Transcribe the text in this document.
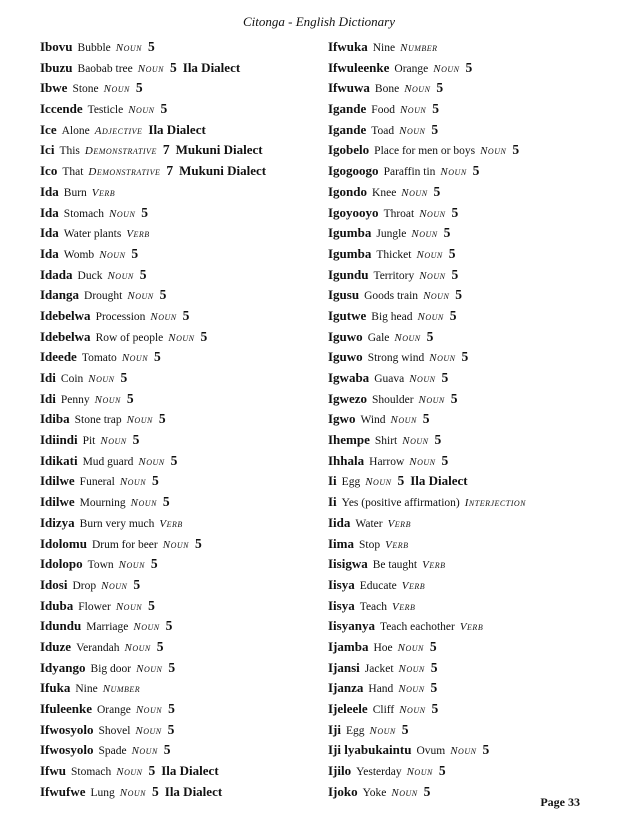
Citonga - English Dictionary
Ibovu Bubble Noun 5
Ibuzu Baobab tree Noun 5 Ila Dialect
Ibwe Stone Noun 5
Iccende Testicle Noun 5
Ice Alone Adjective Ila Dialect
Ici This Demonstrative 7 Mukuni Dialect
Ico That Demonstrative 7 Mukuni Dialect
Ida Burn Verb
Ida Stomach Noun 5
Ida Water plants Verb
Ida Womb Noun 5
Idada Duck Noun 5
Idanga Drought Noun 5
Idebelwa Procession Noun 5
Idebelwa Row of people Noun 5
Ideede Tomato Noun 5
Idi Coin Noun 5
Idi Penny Noun 5
Idiba Stone trap Noun 5
Idiindi Pit Noun 5
Idikati Mud guard Noun 5
Idilwe Funeral Noun 5
Idilwe Mourning Noun 5
Idizya Burn very much Verb
Idolomu Drum for beer Noun 5
Idolopo Town Noun 5
Idosi Drop Noun 5
Iduba Flower Noun 5
Idundu Marriage Noun 5
Iduze Verandah Noun 5
Idyango Big door Noun 5
Ifuka Nine Number
Ifuleenke Orange Noun 5
Ifwosyolo Shovel Noun 5
Ifwosyolo Spade Noun 5
Ifwu Stomach Noun 5 Ila Dialect
Ifwufwe Lung Noun 5 Ila Dialect
Ifwuka Nine Number
Ifwuleenke Orange Noun 5
Ifwuwa Bone Noun 5
Igande Food Noun 5
Igande Toad Noun 5
Igobelo Place for men or boys Noun 5
Igogoogo Paraffin tin Noun 5
Igondo Knee Noun 5
Igoyooyo Throat Noun 5
Igumba Jungle Noun 5
Igumba Thicket Noun 5
Igundu Territory Noun 5
Igusu Goods train Noun 5
Igutwe Big head Noun 5
Iguwo Gale Noun 5
Iguwo Strong wind Noun 5
Igwaba Guava Noun 5
Igwezo Shoulder Noun 5
Igwo Wind Noun 5
Ihempe Shirt Noun 5
Ihhala Harrow Noun 5
Ii Egg Noun 5 Ila Dialect
Ii Yes (positive affirmation) Interjection
Iida Water Verb
Iima Stop Verb
Iisigwa Be taught Verb
Iisya Educate Verb
Iisya Teach Verb
Iisyanya Teach eachother Verb
Ijamba Hoe Noun 5
Ijansi Jacket Noun 5
Ijanza Hand Noun 5
Ijeleele Cliff Noun 5
Iji Egg Noun 5
Iji lyabukaintu Ovum Noun 5
Ijilo Yesterday Noun 5
Ijoko Yoke Noun 5
Page 33
